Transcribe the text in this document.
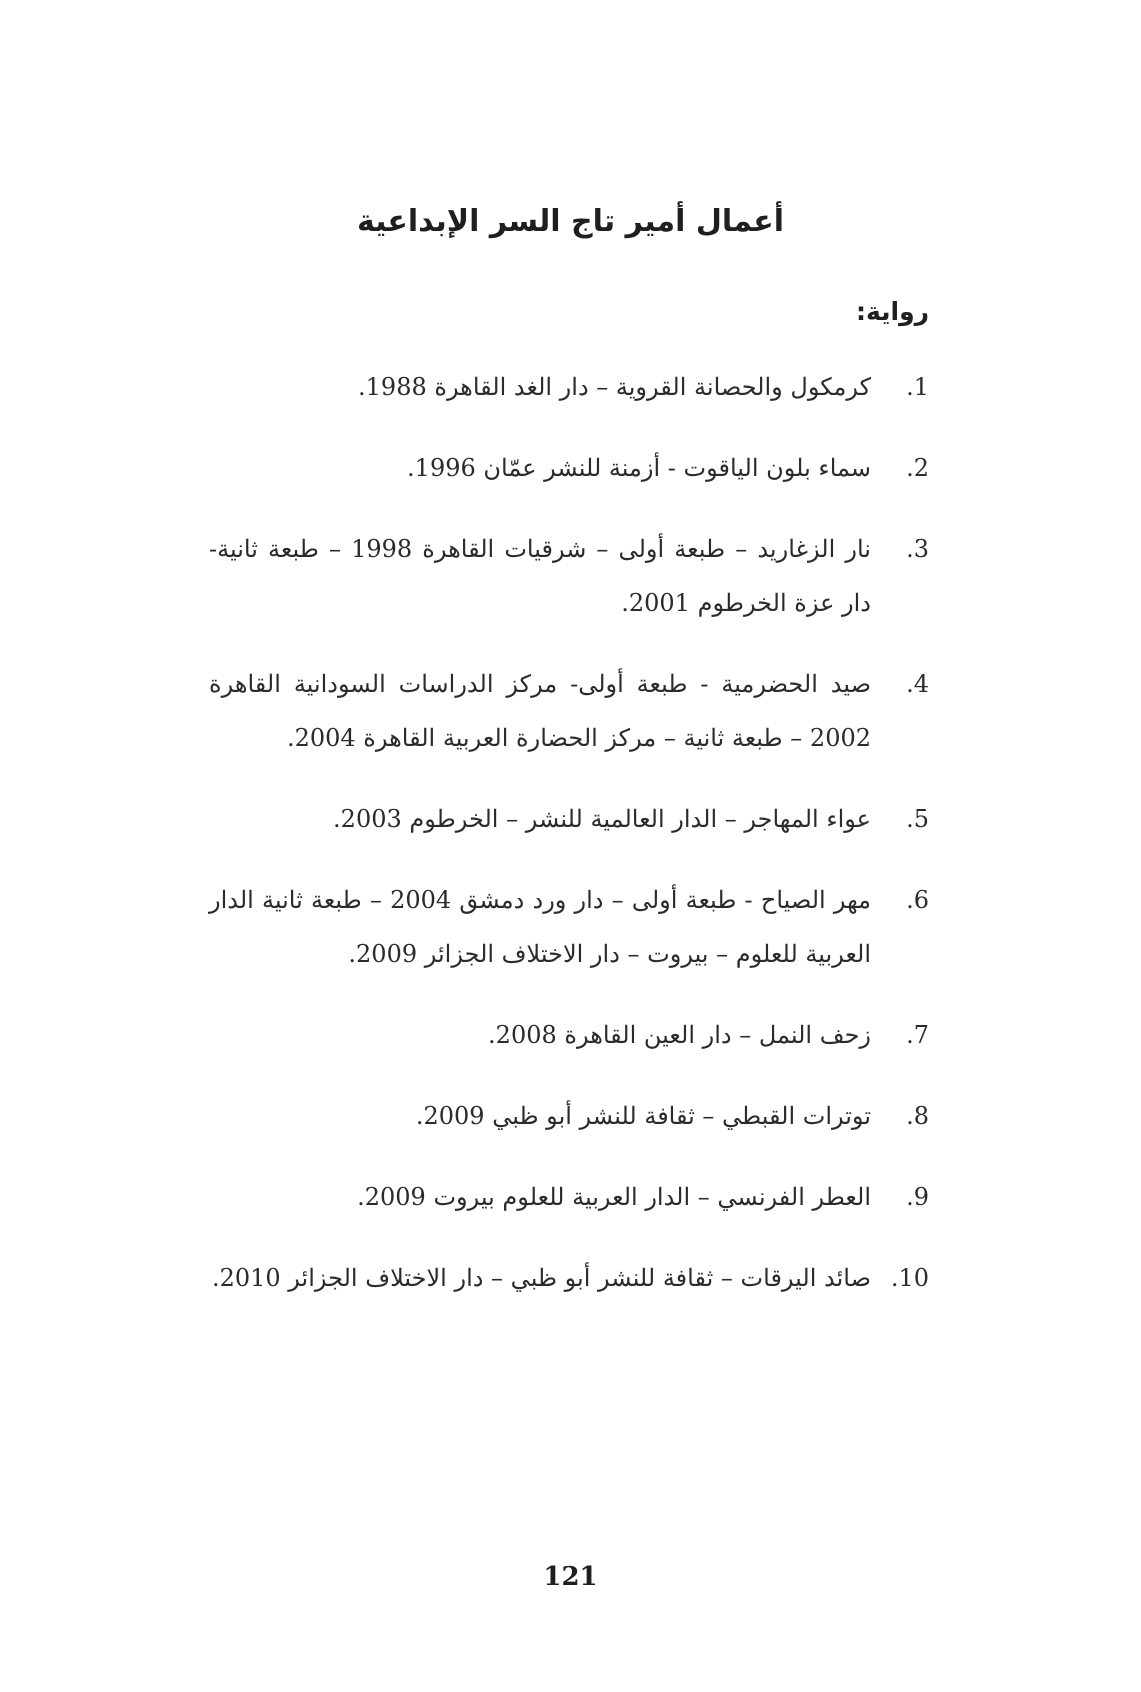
أعمال أمير تاج السر الإبداعية
رواية:
1.
كرمكول والحصانة القروية – دار الغد القاهرة 1988.
2.
سماء بلون الياقوت - أزمنة للنشر عمّان 1996.
3.
نار الزغاريد – طبعة أولى – شرقيات القاهرة 1998 – طبعة ثانية- دار عزة الخرطوم 2001.
4.
صيد الحضرمية - طبعة أولى- مركز الدراسات السودانية القاهرة 2002 – طبعة ثانية – مركز الحضارة العربية القاهرة 2004.
5.
عواء المهاجر – الدار العالمية للنشر – الخرطوم 2003.
6.
مهر الصياح - طبعة أولى – دار ورد دمشق 2004 – طبعة ثانية الدار العربية للعلوم – بيروت – دار الاختلاف الجزائر 2009.
7.
زحف النمل – دار العين القاهرة 2008.
8.
توترات القبطي – ثقافة للنشر أبو ظبي 2009.
9.
العطر الفرنسي – الدار العربية للعلوم بيروت 2009.
10.
صائد اليرقات – ثقافة للنشر أبو ظبي – دار الاختلاف الجزائر 2010.
121
